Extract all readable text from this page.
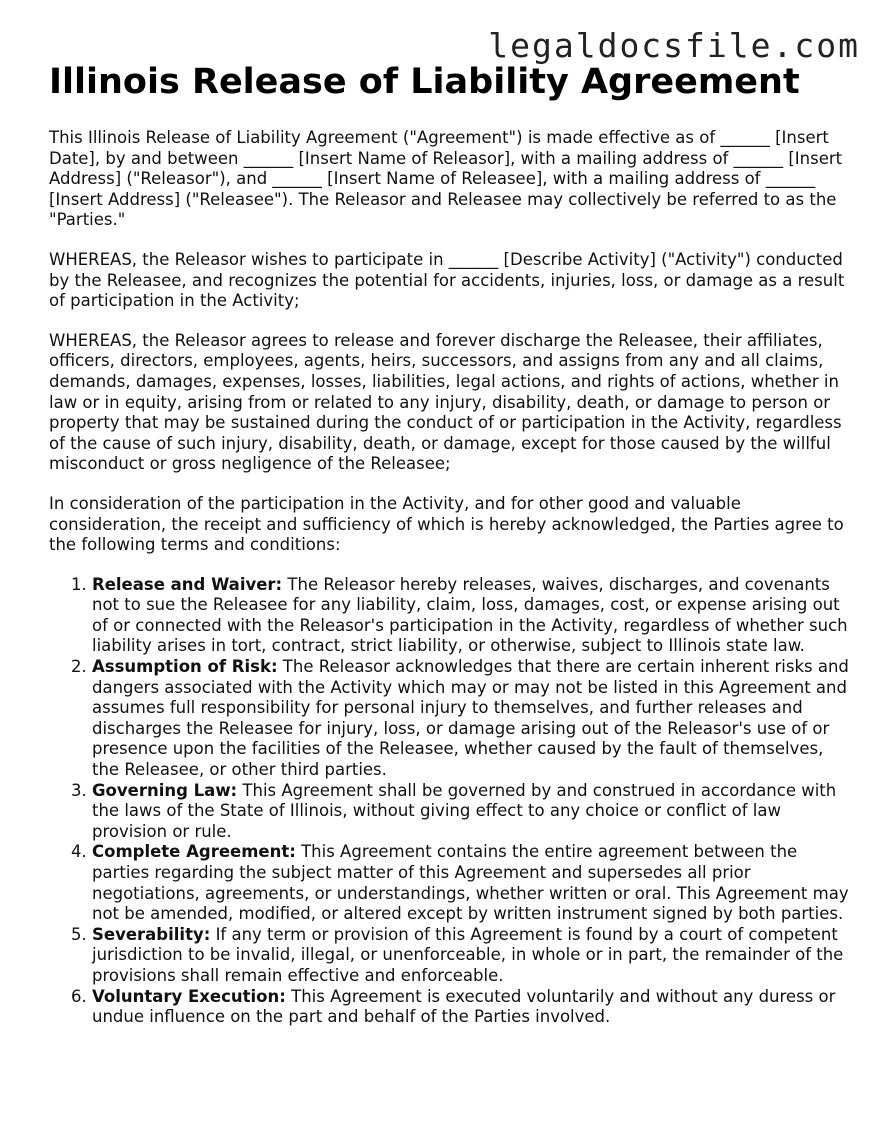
legaldocsfile.com
Illinois Release of Liability Agreement

This Illinois Release of Liability Agreement ("Agreement") is made effective as of ______ [Insert Date], by and between ______ [Insert Name of Releasor], with a mailing address of ______ [Insert Address] ("Releasor"), and ______ [Insert Name of Releasee], with a mailing address of ______ [Insert Address] ("Releasee"). The Releasor and Releasee may collectively be referred to as the "Parties."

WHEREAS, the Releasor wishes to participate in ______ [Describe Activity] ("Activity") conducted by the Releasee, and recognizes the potential for accidents, injuries, loss, or damage as a result of participation in the Activity;

WHEREAS, the Releasor agrees to release and forever discharge the Releasee, their affiliates, officers, directors, employees, agents, heirs, successors, and assigns from any and all claims, demands, damages, expenses, losses, liabilities, legal actions, and rights of actions, whether in law or in equity, arising from or related to any injury, disability, death, or damage to person or property that may be sustained during the conduct of or participation in the Activity, regardless of the cause of such injury, disability, death, or damage, except for those caused by the willful misconduct or gross negligence of the Releasee;

In consideration of the participation in the Activity, and for other good and valuable consideration, the receipt and sufficiency of which is hereby acknowledged, the Parties agree to the following terms and conditions:

1. Release and Waiver: The Releasor hereby releases, waives, discharges, and covenants not to sue the Releasee for any liability, claim, loss, damages, cost, or expense arising out of or connected with the Releasor's participation in the Activity, regardless of whether such liability arises in tort, contract, strict liability, or otherwise, subject to Illinois state law.
2. Assumption of Risk: The Releasor acknowledges that there are certain inherent risks and dangers associated with the Activity which may or may not be listed in this Agreement and assumes full responsibility for personal injury to themselves, and further releases and discharges the Releasee for injury, loss, or damage arising out of the Releasor's use of or presence upon the facilities of the Releasee, whether caused by the fault of themselves, the Releasee, or other third parties.
3. Governing Law: This Agreement shall be governed by and construed in accordance with the laws of the State of Illinois, without giving effect to any choice or conflict of law provision or rule.
4. Complete Agreement: This Agreement contains the entire agreement between the parties regarding the subject matter of this Agreement and supersedes all prior negotiations, agreements, or understandings, whether written or oral. This Agreement may not be amended, modified, or altered except by written instrument signed by both parties.
5. Severability: If any term or provision of this Agreement is found by a court of competent jurisdiction to be invalid, illegal, or unenforceable, in whole or in part, the remainder of the provisions shall remain effective and enforceable.
6. Voluntary Execution: This Agreement is executed voluntarily and without any duress or undue influence on the part and behalf of the Parties involved.
